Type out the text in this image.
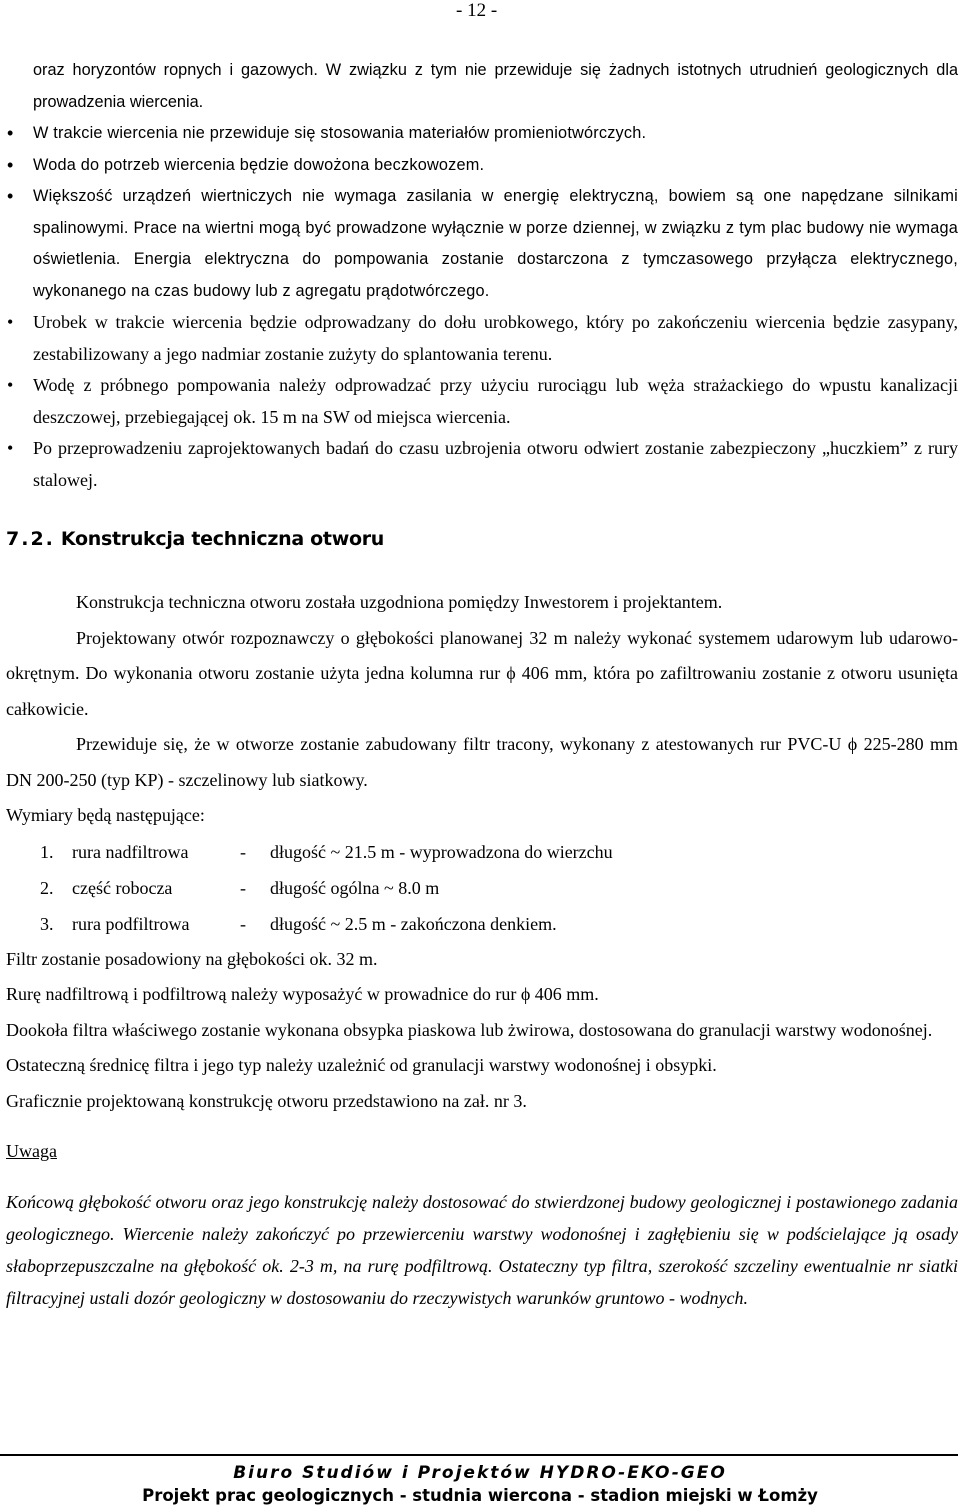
- 12 -
oraz horyzontów ropnych i gazowych. W związku z tym nie przewiduje się żadnych istotnych utrudnień geologicznych dla prowadzenia wiercenia.
• W trakcie wiercenia nie przewiduje się stosowania materiałów promieniotwórczych.
• Woda do potrzeb wiercenia będzie dowożona beczkowozem.
• Większość urządzeń wiertniczych nie wymaga zasilania w energię elektryczną, bowiem są one napędzane silnikami spalinowymi. Prace na wiertni mogą być prowadzone wyłącznie w porze dziennej, w związku z tym plac budowy nie wymaga oświetlenia. Energia elektryczna do pompowania zostanie dostarczona z tymczasowego przyłącza elektrycznego, wykonanego na czas budowy lub z agregatu prądotwórczego.
• Urobek w trakcie wiercenia będzie odprowadzany do dołu urobkowego, który po zakończeniu wiercenia będzie zasypany, zestabilizowany a jego nadmiar zostanie zużyty do splantowania terenu.
• Wodę z próbnego pompowania należy odprowadzać przy użyciu rurociągu lub węża strażackiego do wpustu kanalizacji deszczowej, przebiegającej ok. 15 m na SW od miejsca wiercenia.
• Po przeprowadzeniu zaprojektowanych badań do czasu uzbrojenia otworu odwiert zostanie zabezpieczony „huczkiem” z rury stalowej.
7.2. Konstrukcja techniczna otworu
Konstrukcja techniczna otworu została uzgodniona pomiędzy Inwestorem i projektantem.
Projektowany otwór rozpoznawczy o głębokości planowanej 32 m należy wykonać systemem udarowym lub udarowo-okrętnym. Do wykonania otworu zostanie użyta jedna kolumna rur ϕ 406 mm, która po zafiltrowaniu zostanie z otworu usunięta całkowicie.
Przewiduje się, że w otworze zostanie zabudowany filtr tracony, wykonany z atestowanych rur PVC-U ϕ 225-280 mm DN 200-250 (typ KP) - szczelinowy lub siatkowy.
Wymiary będą następujące:
1.	rura nadfiltrowa	-	długość ~ 21.5 m - wyprowadzona do wierzchu
2.	część robocza	-	długość ogólna ~ 8.0 m
3.	rura podfiltrowa	-	długość ~ 2.5 m - zakończona denkiem.
Filtr zostanie posadowiony na głębokości ok. 32 m.
Rurę nadfiltrową i podfiltrową należy wyposażyć w prowadnice do rur ϕ 406 mm.
Dookoła filtra właściwego zostanie wykonana obsypka piaskowa lub żwirowa, dostosowana do granulacji warstwy wodonośnej.
Ostateczną średnicę filtra i jego typ należy uzależnić od granulacji warstwy wodonośnej i obsypki.
Graficznie projektowaną konstrukcję otworu przedstawiono na zał. nr 3.
Uwaga
Końcową głębokość otworu oraz jego konstrukcję należy dostosować do stwierdzonej budowy geologicznej i postawionego zadania geologicznego. Wiercenie należy zakończyć po przewierceniu warstwy wodonośnej i zagłębieniu się w podścielające ją osady słaboprzepuszczalne na głębokość ok. 2-3 m, na rurę podfiltrową. Ostateczny typ filtra, szerokość szczeliny ewentualnie nr siatki filtracyjnej ustali dozór geologiczny w dostosowaniu do rzeczywistych warunków gruntowo - wodnych.
Biuro Studiów i Projektów HYDRO-EKO-GEO
Projekt prac geologicznych - studnia wiercona - stadion miejski w Łomży
